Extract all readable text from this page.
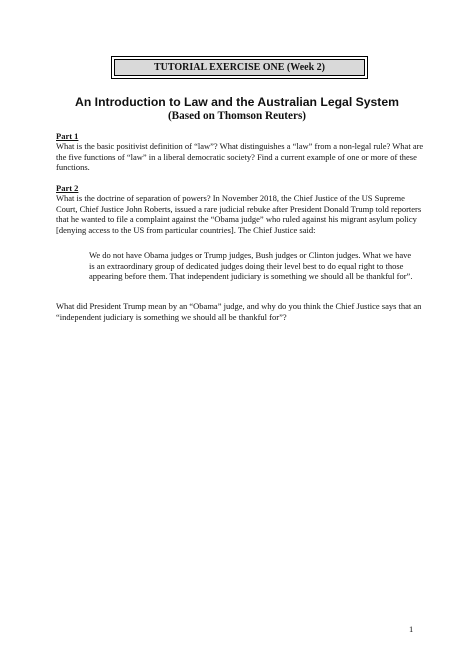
TUTORIAL EXERCISE ONE (Week 2)
An Introduction to Law and the Australian Legal System
(Based on Thomson Reuters)
Part 1
What is the basic positivist definition of “law”? What distinguishes a “law” from a non-legal rule? What are the five functions of “law” in a liberal democratic society? Find a current example of one or more of these functions.
Part 2
What is the doctrine of separation of powers? In November 2018, the Chief Justice of the US Supreme Court, Chief Justice John Roberts, issued a rare judicial rebuke after President Donald Trump told reporters that he wanted to file a complaint against the “Obama judge” who ruled against his migrant asylum policy [denying access to the US from particular countries]. The Chief Justice said:
We do not have Obama judges or Trump judges, Bush judges or Clinton judges. What we have is an extraordinary group of dedicated judges doing their level best to do equal right to those appearing before them. That independent judiciary is something we should all be thankful for”.
What did President Trump mean by an “Obama” judge, and why do you think the Chief Justice says that an “independent judiciary is something we should all be thankful for”?
1
